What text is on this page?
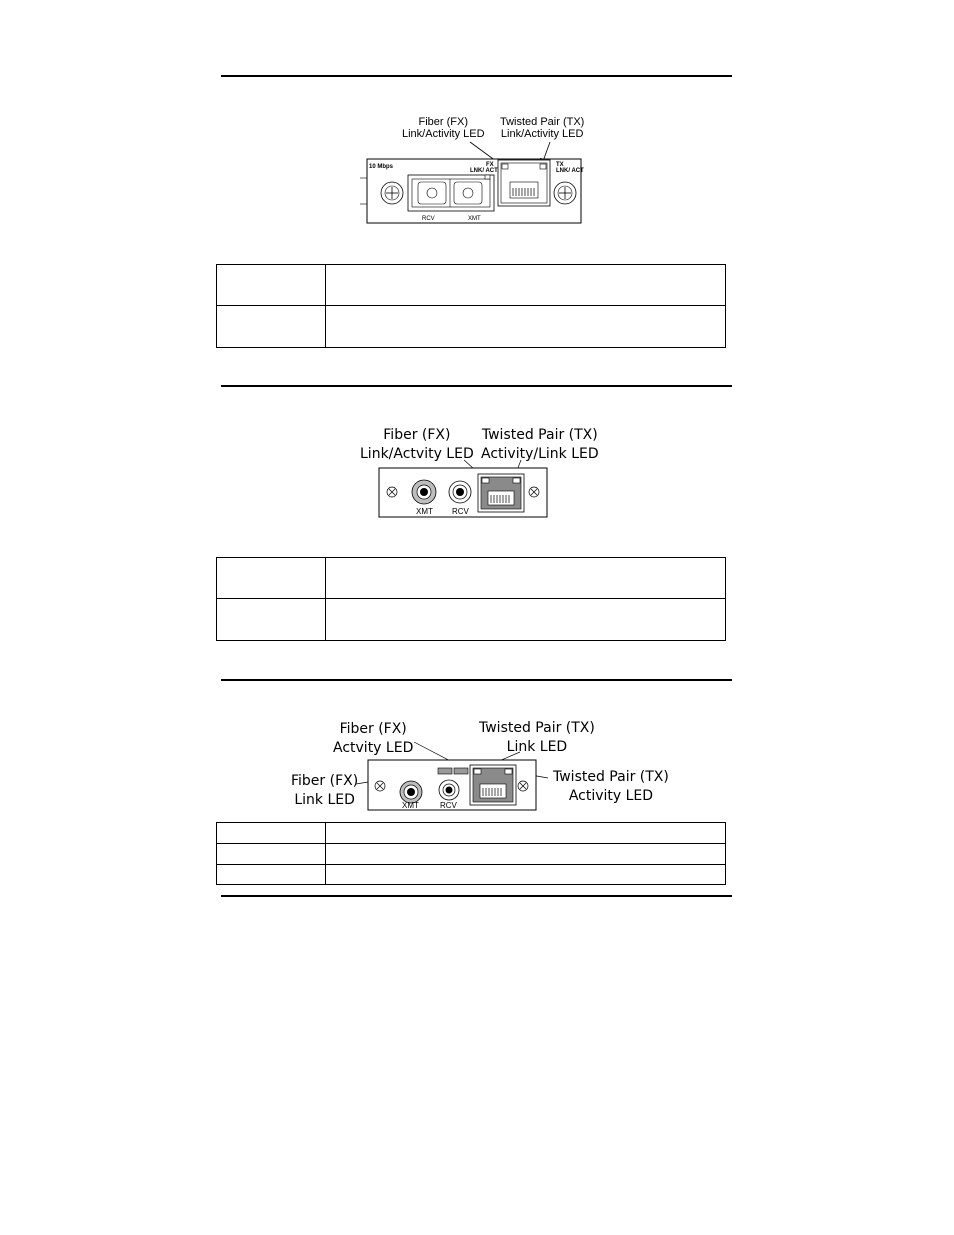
Fiber (FX)
Link/Activity LED
Twisted Pair (TX)
Link/Activity LED
10 Mbps
RCV	XMT
FX
LNK/ ACT
TX
LNK/ ACT

Fiber (FX)
Link/Actvity LED
Twisted Pair (TX)
Activity/Link LED
XMT RCV

Fiber (FX)
Actvity LED
Twisted Pair (TX)
Link LED
Fiber (FX)
Link LED
Twisted Pair (TX)
Activity LED
XMT	RCV
